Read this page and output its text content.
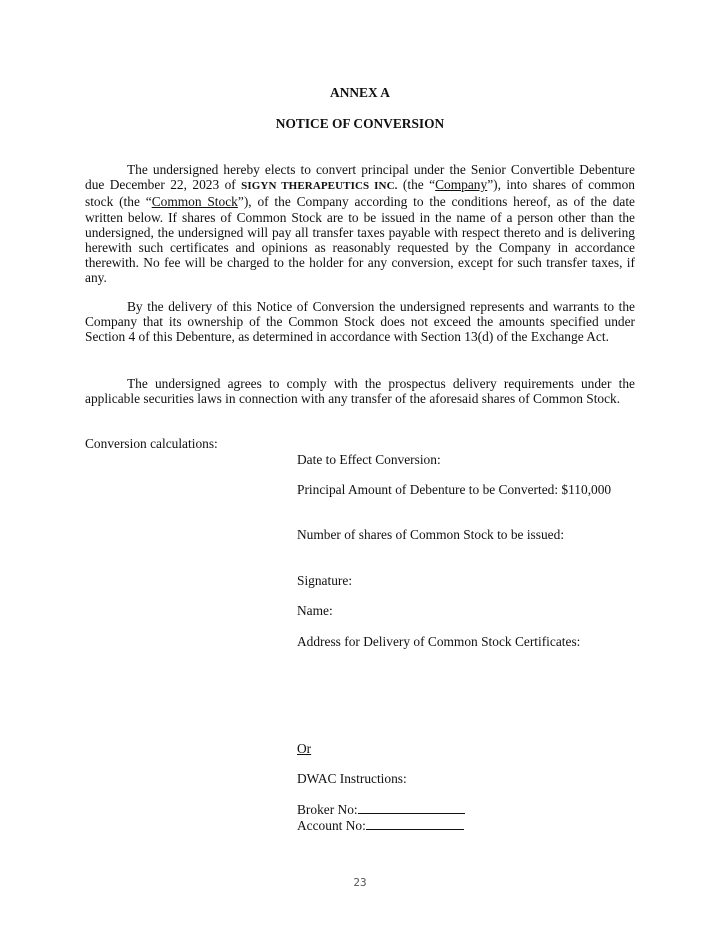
ANNEX A
NOTICE OF CONVERSION
The undersigned hereby elects to convert principal under the Senior Convertible Debenture due December 22, 2023 of SIGYN THERAPEUTICS INC. (the “Company”), into shares of common stock (the “Common Stock”), of the Company according to the conditions hereof, as of the date written below. If shares of Common Stock are to be issued in the name of a person other than the undersigned, the undersigned will pay all transfer taxes payable with respect thereto and is delivering herewith such certificates and opinions as reasonably requested by the Company in accordance therewith. No fee will be charged to the holder for any conversion, except for such transfer taxes, if any.
By the delivery of this Notice of Conversion the undersigned represents and warrants to the Company that its ownership of the Common Stock does not exceed the amounts specified under Section 4 of this Debenture, as determined in accordance with Section 13(d) of the Exchange Act.
The undersigned agrees to comply with the prospectus delivery requirements under the applicable securities laws in connection with any transfer of the aforesaid shares of Common Stock.
Conversion calculations:
Date to Effect Conversion:
Principal Amount of Debenture to be Converted: $110,000
Number of shares of Common Stock to be issued:
Signature:
Name:
Address for Delivery of Common Stock Certificates:
Or
DWAC Instructions:
Broker No:
Account No:
23
